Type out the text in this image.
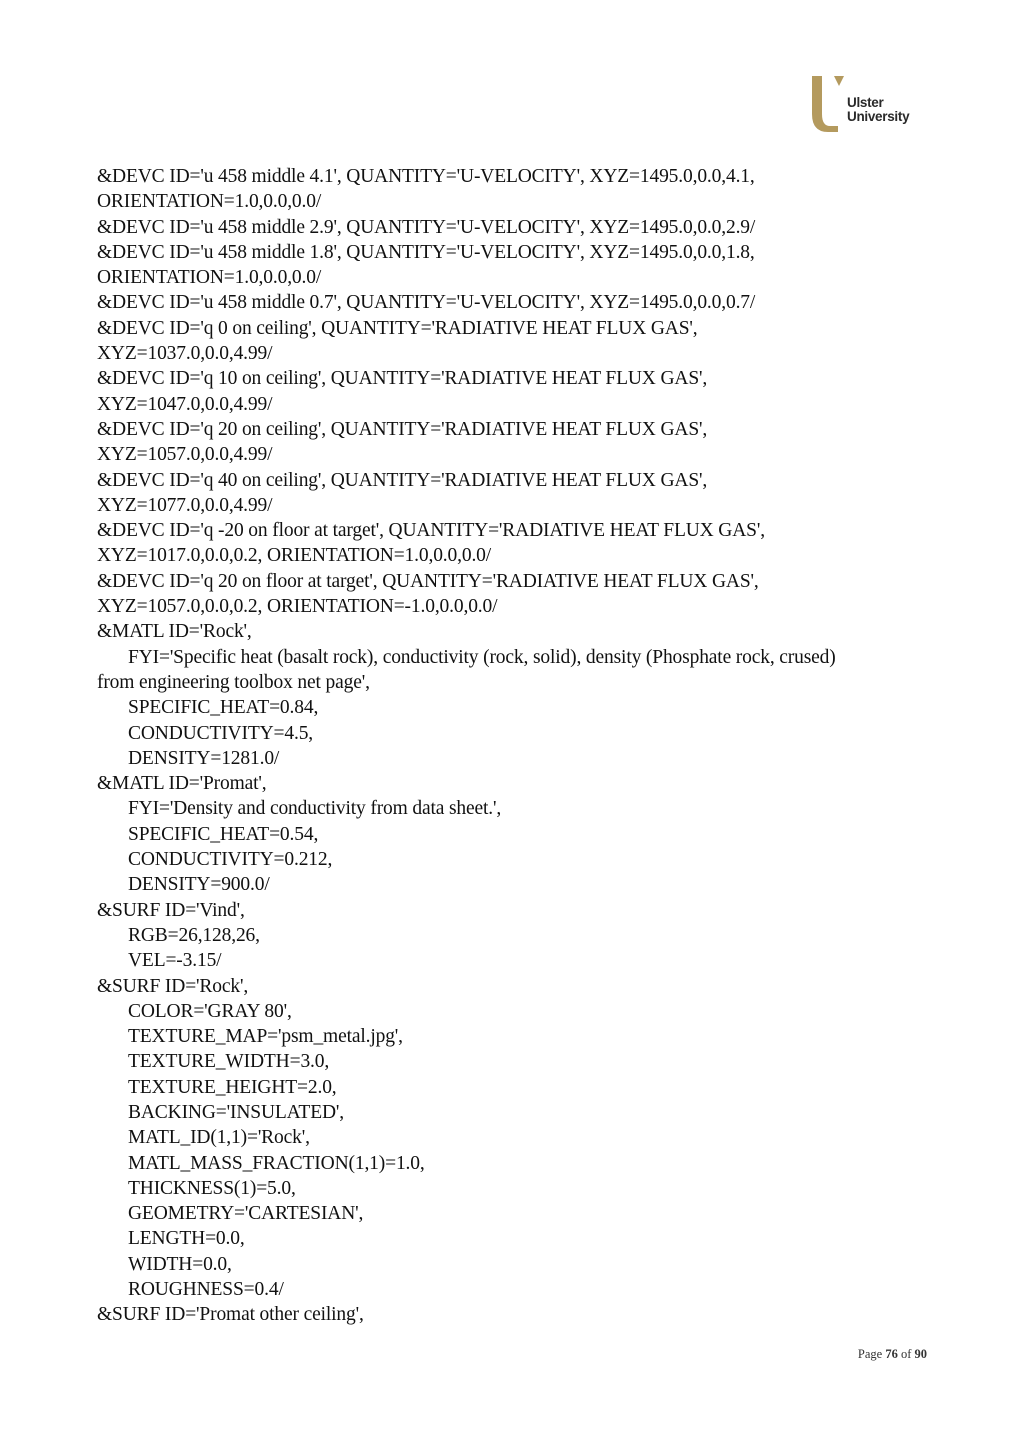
Ulster
University
&DEVC ID='u 458 middle 4.1', QUANTITY='U-VELOCITY', XYZ=1495.0,0.0,4.1,
ORIENTATION=1.0,0.0,0.0/
&DEVC ID='u 458 middle 2.9', QUANTITY='U-VELOCITY', XYZ=1495.0,0.0,2.9/
&DEVC ID='u 458 middle 1.8', QUANTITY='U-VELOCITY', XYZ=1495.0,0.0,1.8,
ORIENTATION=1.0,0.0,0.0/
&DEVC ID='u 458 middle 0.7', QUANTITY='U-VELOCITY', XYZ=1495.0,0.0,0.7/
&DEVC ID='q 0 on ceiling', QUANTITY='RADIATIVE HEAT FLUX GAS',
XYZ=1037.0,0.0,4.99/
&DEVC ID='q 10 on ceiling', QUANTITY='RADIATIVE HEAT FLUX GAS',
XYZ=1047.0,0.0,4.99/
&DEVC ID='q 20 on ceiling', QUANTITY='RADIATIVE HEAT FLUX GAS',
XYZ=1057.0,0.0,4.99/
&DEVC ID='q 40 on ceiling', QUANTITY='RADIATIVE HEAT FLUX GAS',
XYZ=1077.0,0.0,4.99/
&DEVC ID='q -20 on floor at target', QUANTITY='RADIATIVE HEAT FLUX GAS',
XYZ=1017.0,0.0,0.2, ORIENTATION=1.0,0.0,0.0/
&DEVC ID='q 20 on floor at target', QUANTITY='RADIATIVE HEAT FLUX GAS',
XYZ=1057.0,0.0,0.2, ORIENTATION=-1.0,0.0,0.0/
&MATL ID='Rock',
FYI='Specific heat (basalt rock), conductivity (rock, solid), density (Phosphate rock, crused)
from engineering toolbox net page',
SPECIFIC_HEAT=0.84,
CONDUCTIVITY=4.5,
DENSITY=1281.0/
&MATL ID='Promat',
FYI='Density and conductivity from data sheet.',
SPECIFIC_HEAT=0.54,
CONDUCTIVITY=0.212,
DENSITY=900.0/
&SURF ID='Vind',
RGB=26,128,26,
VEL=-3.15/
&SURF ID='Rock',
COLOR='GRAY 80',
TEXTURE_MAP='psm_metal.jpg',
TEXTURE_WIDTH=3.0,
TEXTURE_HEIGHT=2.0,
BACKING='INSULATED',
MATL_ID(1,1)='Rock',
MATL_MASS_FRACTION(1,1)=1.0,
THICKNESS(1)=5.0,
GEOMETRY='CARTESIAN',
LENGTH=0.0,
WIDTH=0.0,
ROUGHNESS=0.4/
&SURF ID='Promat other ceiling',
Page 76 of 90
